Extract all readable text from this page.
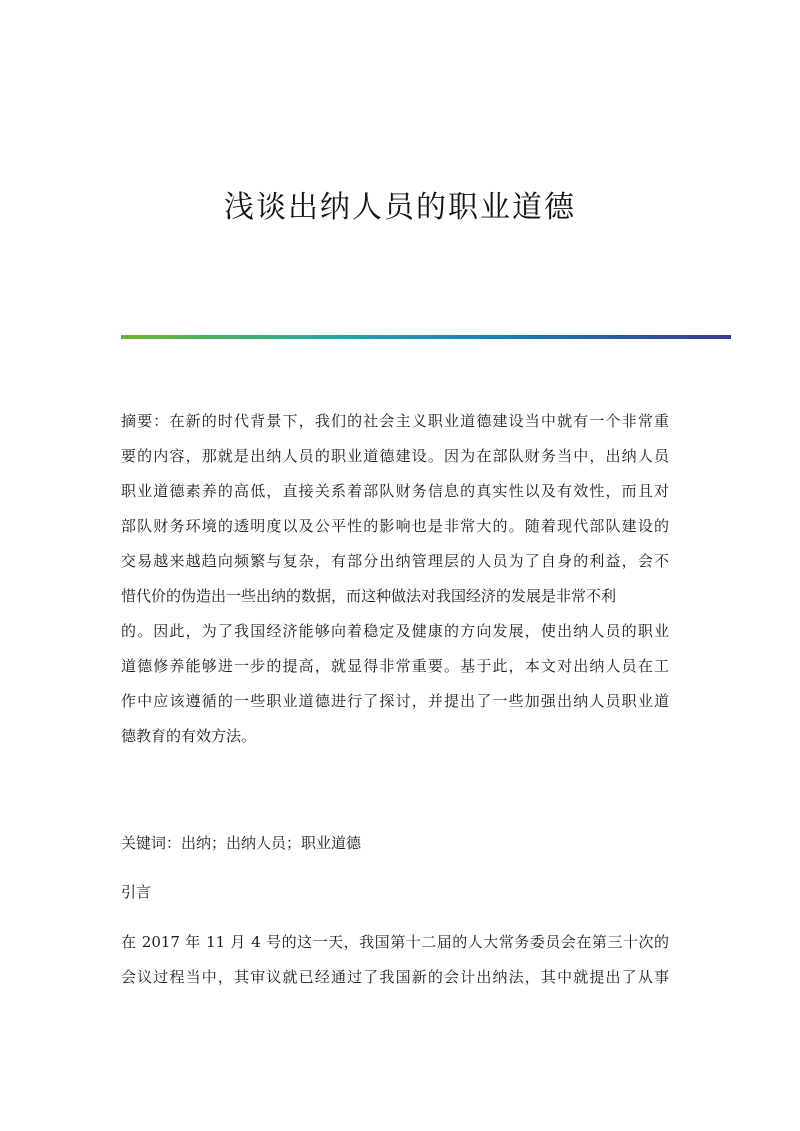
浅谈出纳人员的职业道德
摘要：在新的时代背景下，我们的社会主义职业道德建设当中就有一个非常重
要的内容，那就是出纳人员的职业道德建设。因为在部队财务当中，出纳人员
职业道德素养的高低，直接关系着部队财务信息的真实性以及有效性，而且对
部队财务环境的透明度以及公平性的影响也是非常大的。随着现代部队建设的
交易越来越趋向频繁与复杂，有部分出纳管理层的人员为了自身的利益，会不
惜代价的伪造出一些出纳的数据，而这种做法对我国经济的发展是非常不利
的。因此，为了我国经济能够向着稳定及健康的方向发展，使出纳人员的职业
道德修养能够进一步的提高，就显得非常重要。基于此，本文对出纳人员在工
作中应该遵循的一些职业道德进行了探讨，并提出了一些加强出纳人员职业道
德教育的有效方法。

关键词：出纳；出纳人员；职业道德

引言

在 2017 年 11 月 4 号的这一天，我国第十二届的人大常务委员会在第三十次的
会议过程当中，其审议就已经通过了我国新的会计出纳法，其中就提出了从事
